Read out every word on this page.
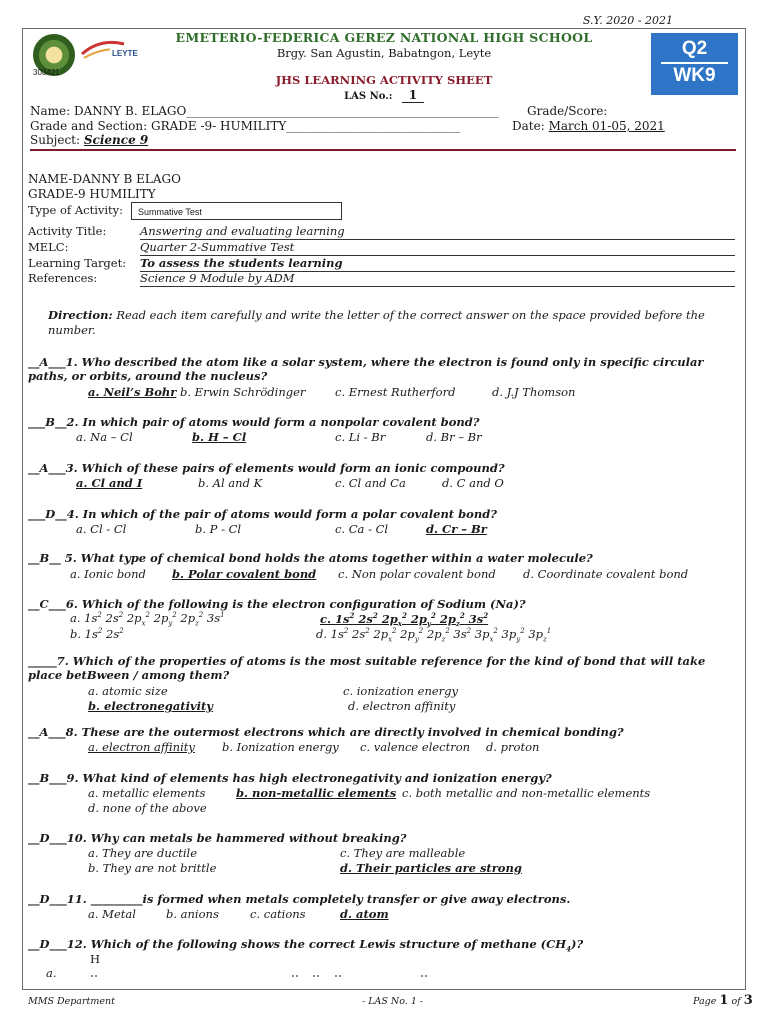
S.Y. 2020 - 2021
303421
LEYTE
EMETERIO-FEDERICA GEREZ NATIONAL HIGH SCHOOL
Brgy. San Agustin, Babatngon, Leyte	Q2
WK9
JHS LEARNING ACTIVITY SHEET
LAS No.: 1
Name: DANNY B. ELAGO____________________________________________________ Grade/Score:
Grade and Section: GRADE -9- HUMILITY_____________________________	Date: March 01-05, 2021
Subject: Science 9
NAME-DANNY B ELAGO
GRADE-9 HUMILITY
Type of Activity:	Summative Test
Activity Title:	Answering and evaluating learning
MELC:	Quarter 2-Summative Test
Learning Target: To assess the students learning
References:	Science 9 Module by ADM
Direction: Read each item carefully and write the letter of the correct answer on the space provided before the number.
__A___1. Who described the atom like a solar system, where the electron is found only in specific circular paths, or orbits, around the nucleus?
a. Neil’s Bohr b. Erwin Schrödinger	c. Ernest Rutherford	d. J.J Thomson
___B__2. In which pair of atoms would form a nonpolar covalent bond?
a. Na – Cl	b. H – Cl	c. Li - Br	d. Br – Br
__A___3. Which of these pairs of elements would form an ionic compound?
a. Cl and I	b. Al and K	c. Cl and Ca	d. C and O
___D__4. In which of the pair of atoms would form a polar covalent bond?
a. Cl - Cl	b. P - Cl	c. Ca - Cl	d. Cr – Br
__B__ 5. What type of chemical bond holds the atoms together within a water molecule?
a. Ionic bond b. Polar covalent bond c. Non polar covalent bond d. Coordinate covalent bond
__C___6. Which of the following is the electron configuration of Sodium (Na)?
a. $1s^2$ $2s^2$ $2p_x^2$ $2p_y^2$ $2p_z^2$ $3s^1$	c. $1s^2$ $2s^2$ $2p_x^2$ $2p_y^2$ $2p_z^2$ $3s^2$
b. $1s^2$ $2s^2$	d. $1s^2$ $2s^2$ $2p_x^2$ $2p_y^2$ $2p_z^2$ $3s^2$ $3p_x^2$ $3p_y^2$ $3p_z^1$
_____7. Which of the properties of atoms is the most suitable reference for the kind of bond that will take place betBween / among them?
a. atomic size	c. ionization energy
b. electronegativity	d. electron affinity
__A___8. These are the outermost electrons which are directly involved in chemical bonding?
a. electron affinity b. Ionization energy c. valence electron d. proton
__B___9. What kind of elements has high electronegativity and ionization energy?
a. metallic elements	b. non-metallic elements c. both metallic and non-metallic elements
d. none of the above
__D___10. Why can metals be hammered without breaking?
a. They are ductile	c. They are malleable
b. They are not brittle	d. Their particles are strong
__D___11. _________is formed when metals completely transfer or give away electrons.
a. Metal	b. anions	c. cations	d. atom
__D___12. Which of the following shows the correct Lewis structure of methane $(CH_4)$?
H
a.
MMS Department	- LAS No. 1 -	Page 1 of 3
